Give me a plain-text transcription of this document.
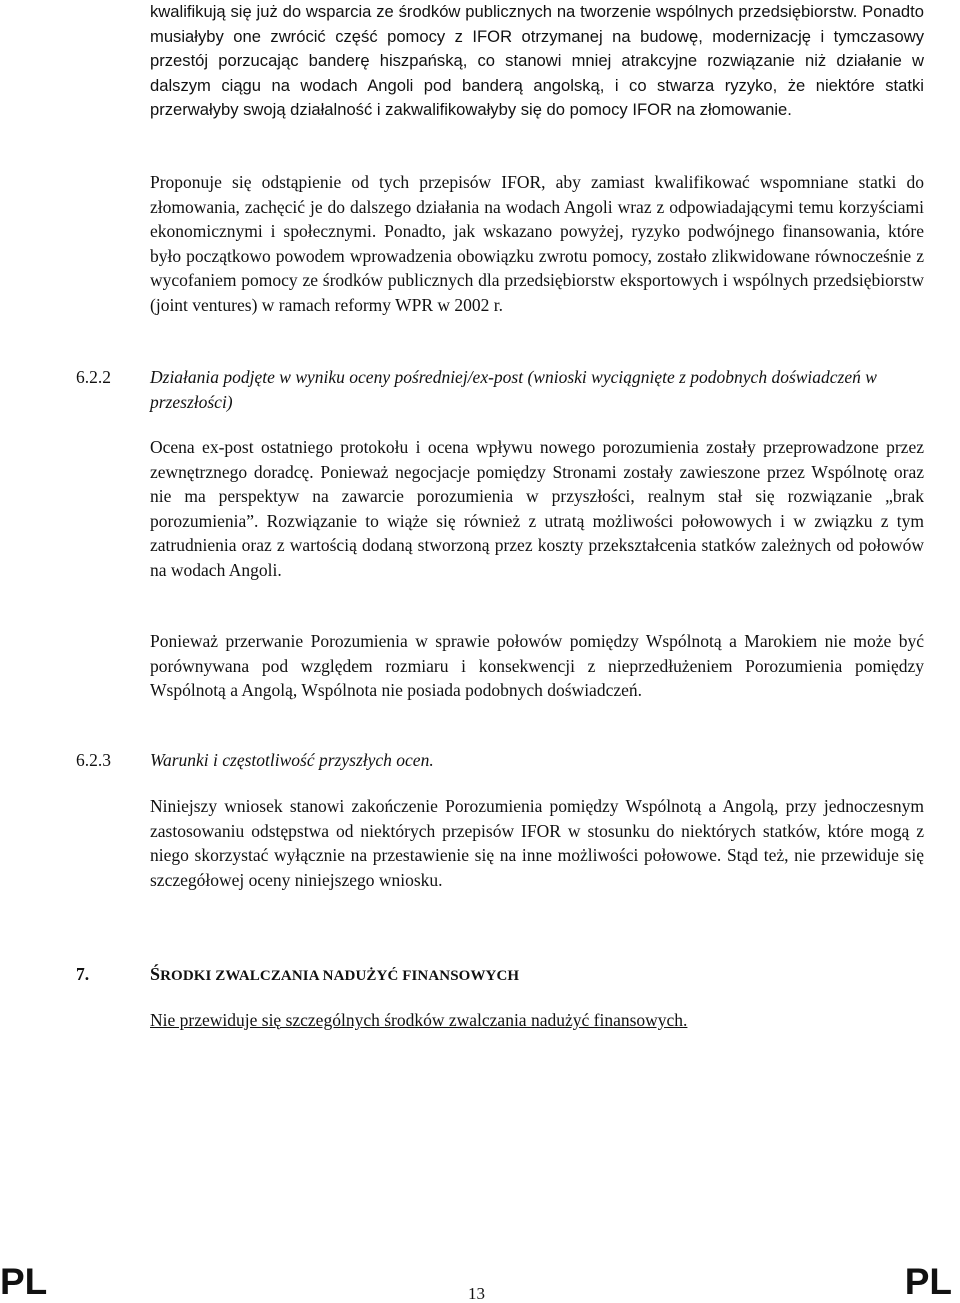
kwalifikują się już do wsparcia ze środków publicznych na tworzenie wspólnych przedsiębiorstw. Ponadto musiałyby one zwrócić część pomocy z IFOR otrzymanej na budowę, modernizację i tymczasowy przestój porzucając banderę hiszpańską, co stanowi mniej atrakcyjne rozwiązanie niż działanie w dalszym ciągu na wodach Angoli pod banderą angolską, i co stwarza ryzyko, że niektóre statki przerwałyby swoją działalność i zakwalifikowałyby się do pomocy IFOR na złomowanie.

Proponuje się odstąpienie od tych przepisów IFOR, aby zamiast kwalifikować wspomniane statki do złomowania, zachęcić je do dalszego działania na wodach Angoli wraz z odpowiadającymi temu korzyściami ekonomicznymi i społecznymi. Ponadto, jak wskazano powyżej, ryzyko podwójnego finansowania, które było początkowo powodem wprowadzenia obowiązku zwrotu pomocy, zostało zlikwidowane równocześnie z wycofaniem pomocy ze środków publicznych dla przedsiębiorstw eksportowych i wspólnych przedsiębiorstw (joint ventures) w ramach reformy WPR w 2002 r.

6.2.2 Działania podjęte w wyniku oceny pośredniej/ex-post (wnioski wyciągnięte z podobnych doświadczeń w przeszłości)

Ocena ex-post ostatniego protokołu i ocena wpływu nowego porozumienia zostały przeprowadzone przez zewnętrznego doradcę. Ponieważ negocjacje pomiędzy Stronami zostały zawieszone przez Wspólnotę oraz nie ma perspektyw na zawarcie porozumienia w przyszłości, realnym stał się rozwiązanie „brak porozumienia”. Rozwiązanie to wiąże się również z utratą możliwości połowowych i w związku z tym zatrudnienia oraz z wartością dodaną stworzoną przez koszty przekształcenia statków zależnych od połowów na wodach Angoli.

Ponieważ przerwanie Porozumienia w sprawie połowów pomiędzy Wspólnotą a Marokiem nie może być porównywana pod względem rozmiaru i konsekwencji z nieprzedłużeniem Porozumienia pomiędzy Wspólnotą a Angolą, Wspólnota nie posiada podobnych doświadczeń.

6.2.3 Warunki i częstotliwość przyszłych ocen.

Niniejszy wniosek stanowi zakończenie Porozumienia pomiędzy Wspólnotą a Angolą, przy jednoczesnym zastosowaniu odstępstwa od niektórych przepisów IFOR w stosunku do niektórych statków, które mogą z niego skorzystać wyłącznie na przestawienie się na inne możliwości połowowe. Stąd też, nie przewiduje się szczegółowej oceny niniejszego wniosku.

7.	ŚRODKI ZWALCZANIA NADUŻYĆ FINANSOWYCH

Nie przewiduje się szczególnych środków zwalczania nadużyć finansowych.

PL	13	PL
